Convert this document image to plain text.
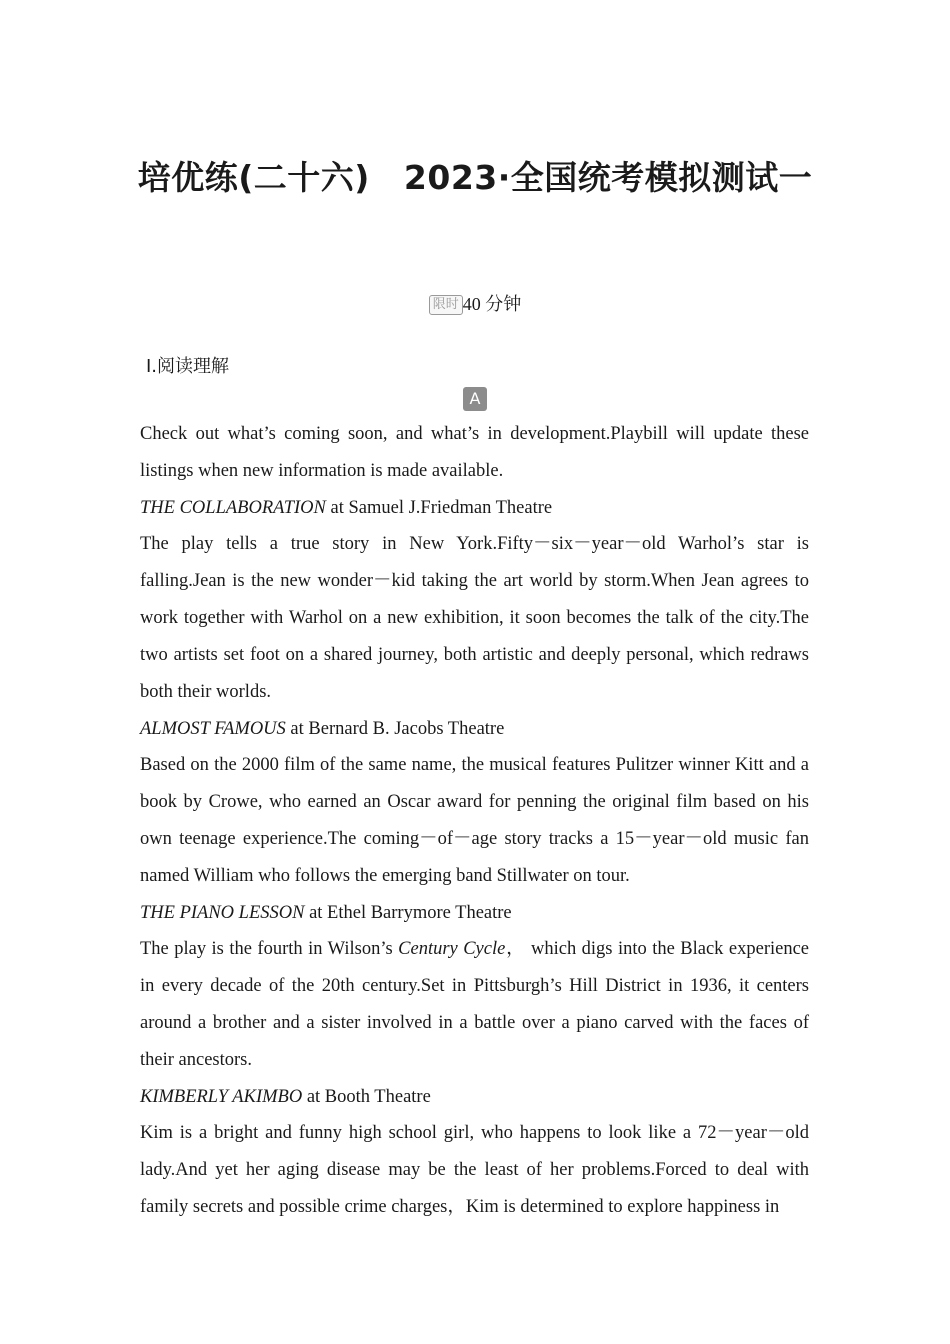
培优练(二十六) 2023·全国统考模拟测试一
限时 40 分钟
Ⅰ.阅读理解
A

Check out what’s coming soon, and what’s in development.Playbill will update these listings when new information is made available.

THE COLLABORATION at Samuel J.Friedman Theatre

The play tells a true story in New York.Fifty－six－year－old Warhol’s star is falling.Jean is the new wonder－kid taking the art world by storm.When Jean agrees to work together with Warhol on a new exhibition, it soon becomes the talk of the city.The two artists set foot on a shared journey, both artistic and deeply personal, which redraws both their worlds.

ALMOST FAMOUS at Bernard B. Jacobs Theatre

Based on the 2000 film of the same name, the musical features Pulitzer winner Kitt and a book by Crowe, who earned an Oscar award for penning the original film based on his own teenage experience.The coming－of－age story tracks a 15－year－old music fan named William who follows the emerging band Stillwater on tour.

THE PIANO LESSON at Ethel Barrymore Theatre

The play is the fourth in Wilson’s Century Cycle， which digs into the Black experience in every decade of the 20th century.Set in Pittsburgh’s Hill District in 1936, it centers around a brother and a sister involved in a battle over a piano carved with the faces of their ancestors.

KIMBERLY AKIMBO at Booth Theatre

Kim is a bright and funny high school girl, who happens to look like a 72－year－old lady.And yet her aging disease may be the least of her problems.Forced to deal with family secrets and possible crime charges，Kim is determined to explore happiness in
